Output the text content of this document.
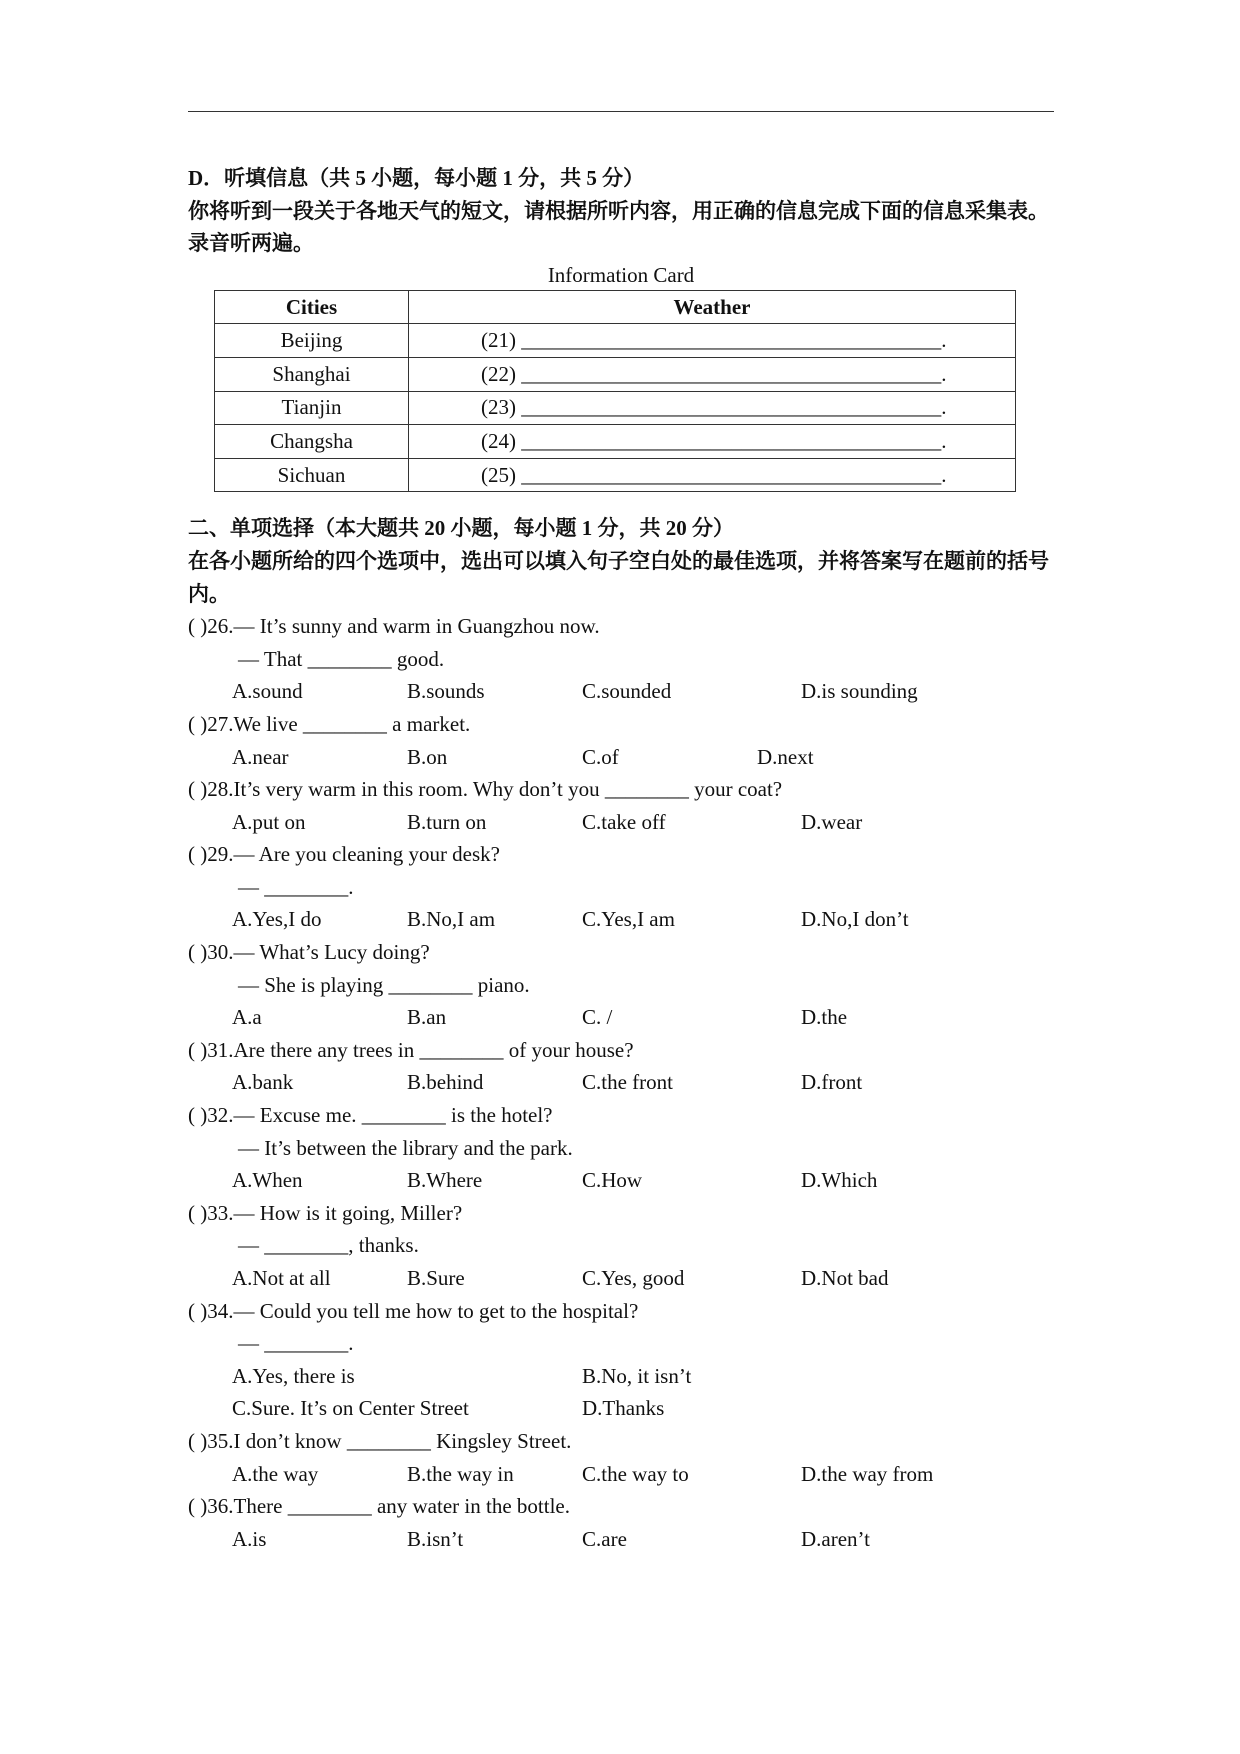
D．听填信息（共 5 小题，每小题 1 分，共 5 分）
你将听到一段关于各地天气的短文，请根据所听内容，用正确的信息完成下面的信息采集表。录音听两遍。
Information Card
Cities	Weather
Beijing	(21) ________________________________________.
Shanghai	(22) ________________________________________.
Tianjin	(23) ________________________________________.
Changsha	(24) ________________________________________.
Sichuan	(25) ________________________________________.
二、单项选择（本大题共 20 小题，每小题 1 分，共 20 分）
在各小题所给的四个选项中，选出可以填入句子空白处的最佳选项，并将答案写在题前的括号内。
( )26.— It’s sunny and warm in Guangzhou now.
— That ________ good.
A.sound	B.sounds	C.sounded	D.is sounding
( )27.We live ________ a market.
A.near	B.on	C.of	D.next
( )28.It’s very warm in this room. Why don’t you ________ your coat?
A.put on	B.turn on	C.take off	D.wear
( )29.— Are you cleaning your desk?
— ________.
A.Yes,I do	B.No,I am	C.Yes,I am	D.No,I don’t
( )30.— What’s Lucy doing?
— She is playing ________ piano.
A.a	B.an	C. /	D.the
( )31.Are there any trees in ________ of your house?
A.bank	B.behind	C.the front	D.front
( )32.— Excuse me. ________ is the hotel?
— It’s between the library and the park.
A.When	B.Where	C.How	D.Which
( )33.— How is it going, Miller?
— ________, thanks.
A.Not at all	B.Sure	C.Yes, good	D.Not bad
( )34.— Could you tell me how to get to the hospital?
— ________.
A.Yes, there is	B.No, it isn’t
C.Sure. It’s on Center Street	D.Thanks
( )35.I don’t know ________ Kingsley Street.
A.the way	B.the way in	C.the way to	D.the way from
( )36.There ________ any water in the bottle.
A.is	B.isn’t	C.are	D.aren’t
